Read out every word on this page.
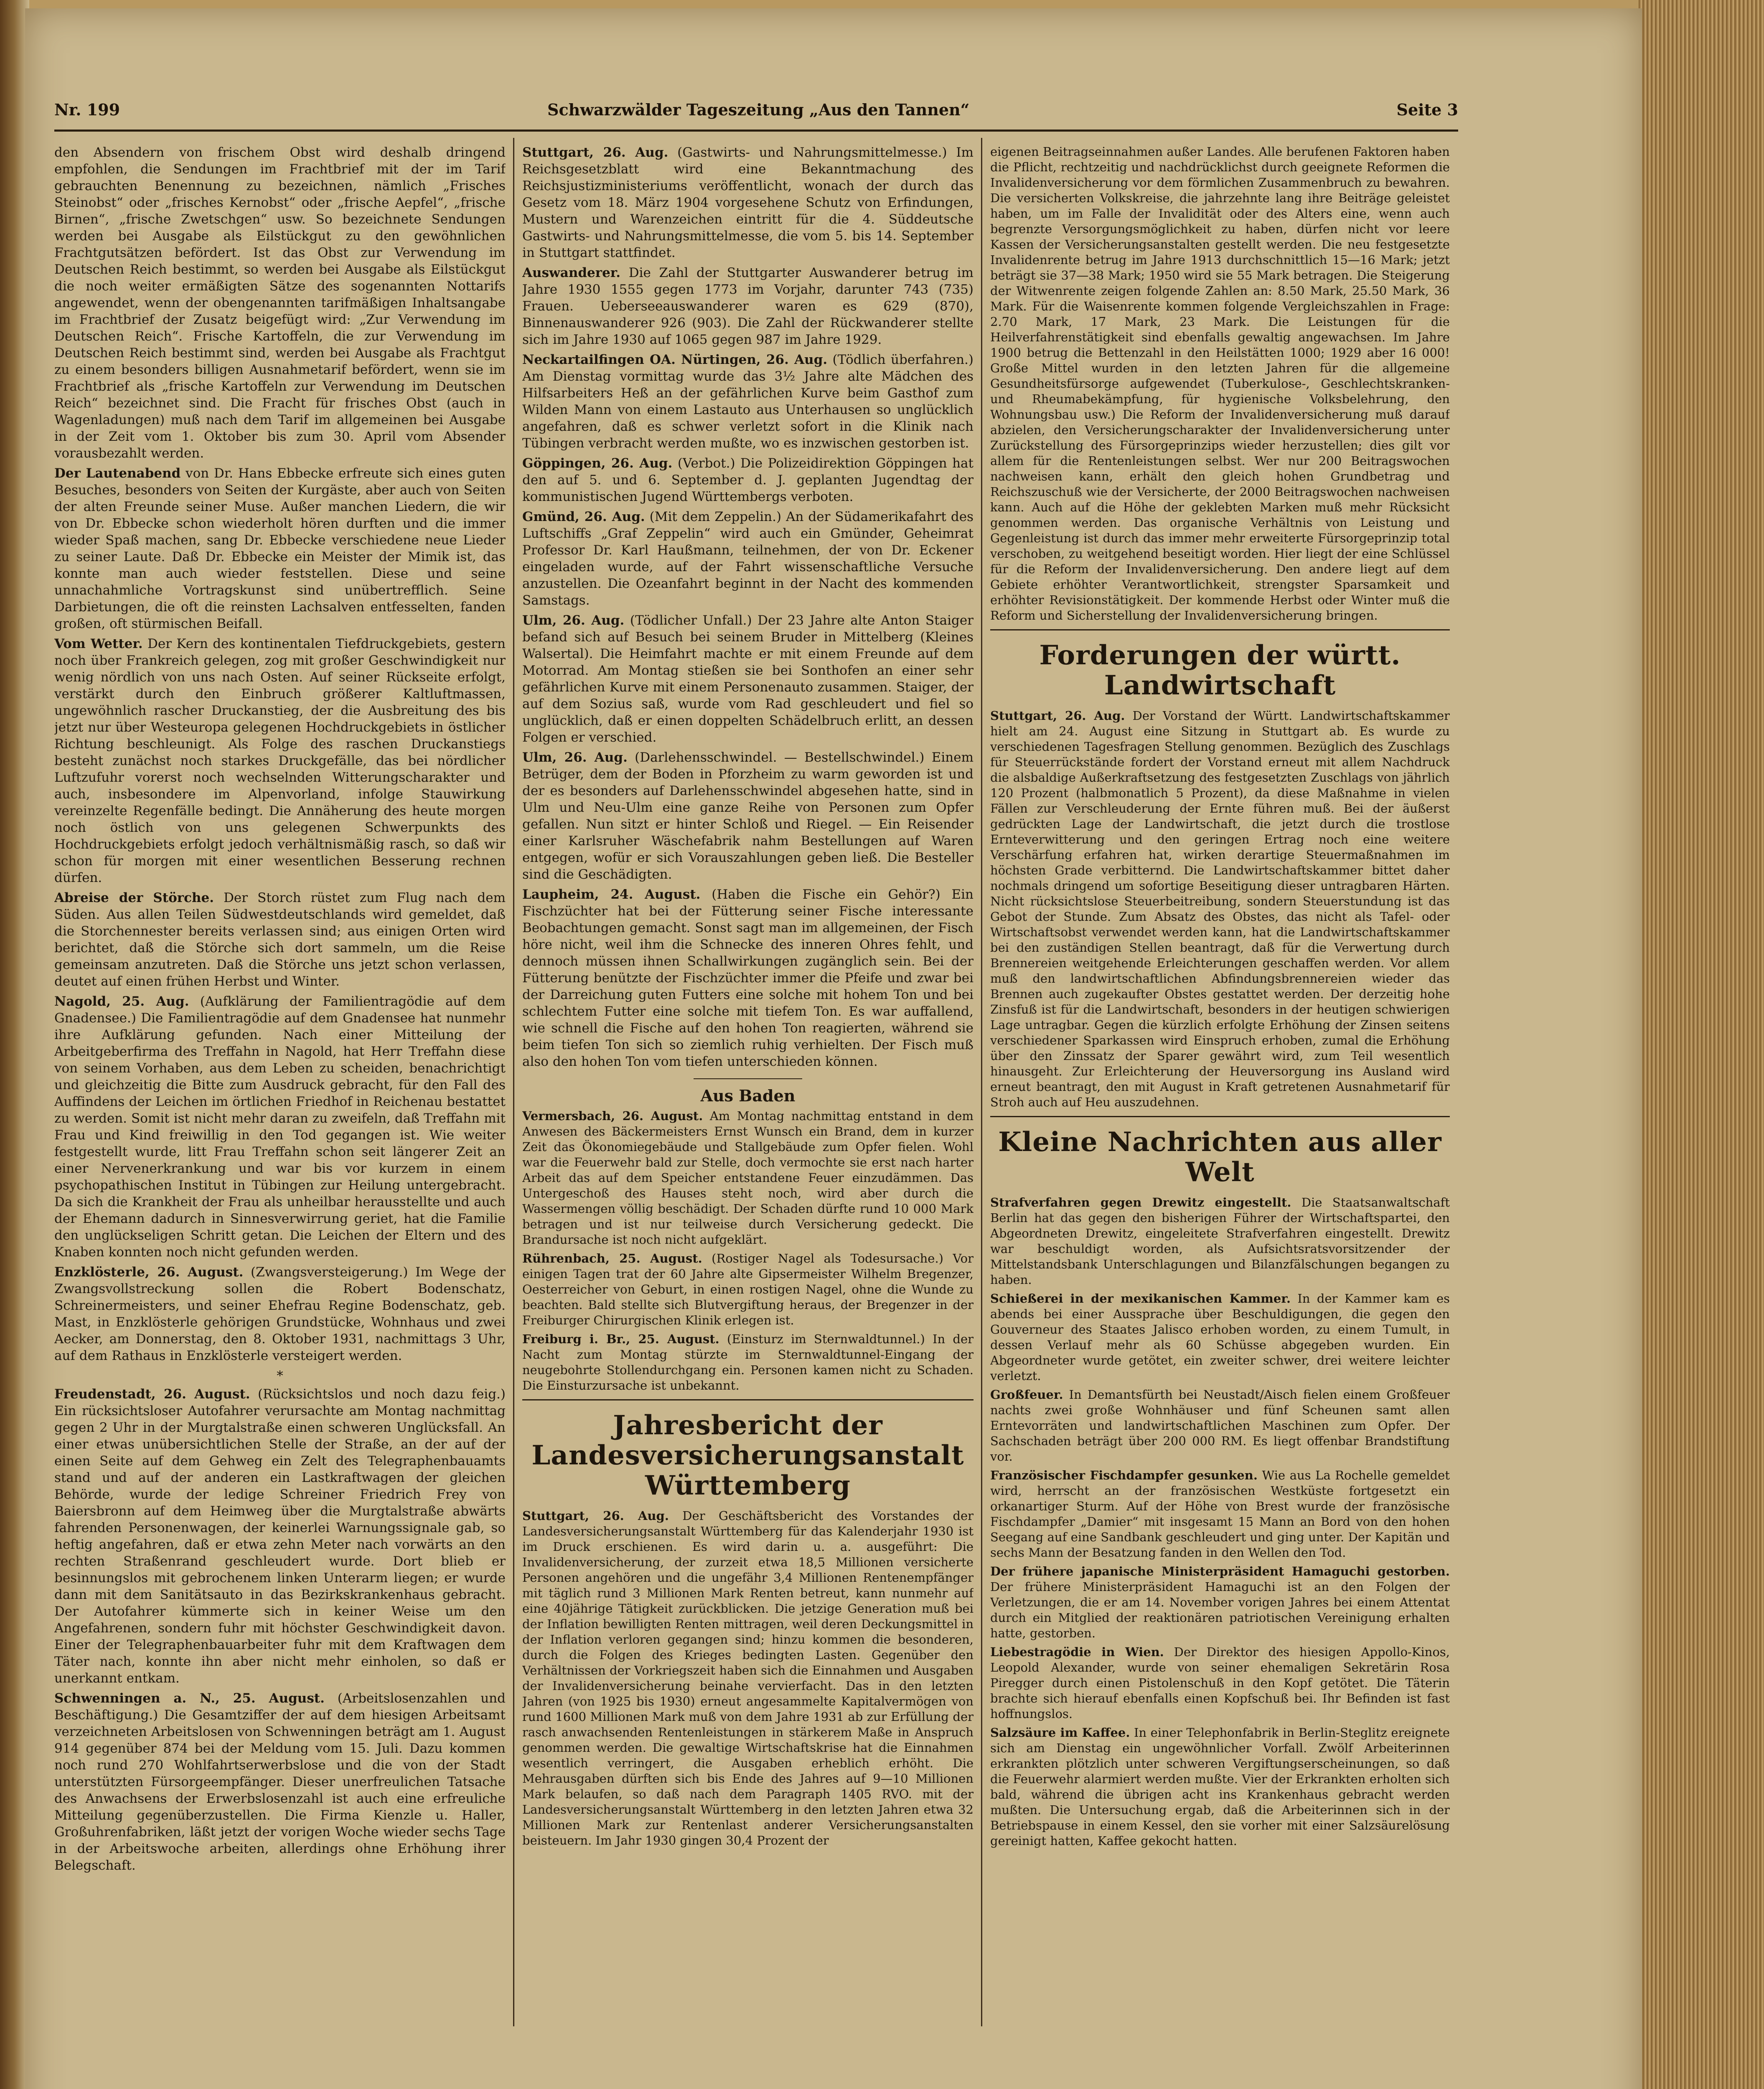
Nr. 199	Schwarzwälder Tageszeitung „Aus den Tannen“	Seite 3

den Absendern von frischem Obst wird deshalb dringend empfohlen, die Sendungen im Frachtbrief mit der im Tarif gebrauchten Benennung zu bezeichnen, nämlich „Frisches Steinobst“ oder „frisches Kernobst“ oder „frische Aepfel“, „frische Birnen“, „frische Zwetschgen“ usw. So bezeichnete Sendungen werden bei Ausgabe als Eilstückgut zu den gewöhnlichen Frachtgutsätzen befördert. Ist das Obst zur Verwendung im Deutschen Reich bestimmt, so werden bei Ausgabe als Eilstückgut die noch weiter ermäßigten Sätze des sogenannten Nottarifs angewendet, wenn der obengenannten tarifmäßigen Inhaltsangabe im Frachtbrief der Zusatz beigefügt wird: „Zur Verwendung im Deutschen Reich“. Frische Kartoffeln, die zur Verwendung im Deutschen Reich bestimmt sind, werden bei Ausgabe als Frachtgut zu einem besonders billigen Ausnahmetarif befördert, wenn sie im Frachtbrief als „frische Kartoffeln zur Verwendung im Deutschen Reich“ bezeichnet sind. Die Fracht für frisches Obst (auch in Wagenladungen) muß nach dem Tarif im allgemeinen bei Ausgabe in der Zeit vom 1. Oktober bis zum 30. April vom Absender vorausbezahlt werden.

Der Lautenabend von Dr. Hans Ebbecke erfreute sich eines guten Besuches, besonders von Seiten der Kurgäste, aber auch von Seiten der alten Freunde seiner Muse. Außer manchen Liedern, die wir von Dr. Ebbecke schon wiederholt hören durften und die immer wieder Spaß machen, sang Dr. Ebbecke verschiedene neue Lieder zu seiner Laute. Daß Dr. Ebbecke ein Meister der Mimik ist, das konnte man auch wieder feststellen. Diese und seine unnachahmliche Vortragskunst sind unübertrefflich. Seine Darbietungen, die oft die reinsten Lachsalven entfesselten, fanden großen, oft stürmischen Beifall.

Vom Wetter. Der Kern des kontinentalen Tiefdruckgebiets, gestern noch über Frankreich gelegen, zog mit großer Geschwindigkeit nur wenig nördlich von uns nach Osten. Auf seiner Rückseite erfolgt, verstärkt durch den Einbruch größerer Kaltluftmassen, ungewöhnlich rascher Druckanstieg, der die Ausbreitung des bis jetzt nur über Westeuropa gelegenen Hochdruckgebiets in östlicher Richtung beschleunigt. Als Folge des raschen Druckanstiegs besteht zunächst noch starkes Druckgefälle, das bei nördlicher Luftzufuhr vorerst noch wechselnden Witterungscharakter und auch, insbesondere im Alpenvorland, infolge Stauwirkung vereinzelte Regenfälle bedingt. Die Annäherung des heute morgen noch östlich von uns gelegenen Schwerpunkts des Hochdruckgebiets erfolgt jedoch verhältnismäßig rasch, so daß wir schon für morgen mit einer wesentlichen Besserung rechnen dürfen.

Abreise der Störche. Der Storch rüstet zum Flug nach dem Süden. Aus allen Teilen Südwestdeutschlands wird gemeldet, daß die Storchennester bereits verlassen sind; aus einigen Orten wird berichtet, daß die Störche sich dort sammeln, um die Reise gemeinsam anzutreten. Daß die Störche uns jetzt schon verlassen, deutet auf einen frühen Herbst und Winter.

Nagold, 25. Aug. (Aufklärung der Familientragödie auf dem Gnadensee.) Die Familientragödie auf dem Gnadensee hat nunmehr ihre Aufklärung gefunden. Nach einer Mitteilung der Arbeitgeberfirma des Treffahn in Nagold, hat Herr Treffahn diese von seinem Vorhaben, aus dem Leben zu scheiden, benachrichtigt und gleichzeitig die Bitte zum Ausdruck gebracht, für den Fall des Auffindens der Leichen im örtlichen Friedhof in Reichenau bestattet zu werden. Somit ist nicht mehr daran zu zweifeln, daß Treffahn mit Frau und Kind freiwillig in den Tod gegangen ist. Wie weiter festgestellt wurde, litt Frau Treffahn schon seit längerer Zeit an einer Nervenerkrankung und war bis vor kurzem in einem psychopathischen Institut in Tübingen zur Heilung untergebracht. Da sich die Krankheit der Frau als unheilbar herausstellte und auch der Ehemann dadurch in Sinnesverwirrung geriet, hat die Familie den unglückseligen Schritt getan. Die Leichen der Eltern und des Knaben konnten noch nicht gefunden werden.

Enzklösterle, 26. August. (Zwangsversteigerung.) Im Wege der Zwangsvollstreckung sollen die Robert Bodenschatz, Schreinermeisters, und seiner Ehefrau Regine Bodenschatz, geb. Mast, in Enzklösterle gehörigen Grundstücke, Wohnhaus und zwei Aecker, am Donnerstag, den 8. Oktober 1931, nachmittags 3 Uhr, auf dem Rathaus in Enzklösterle versteigert werden.

*

Freudenstadt, 26. August. (Rücksichtslos und noch dazu feig.) Ein rücksichtsloser Autofahrer verursachte am Montag nachmittag gegen 2 Uhr in der Murgtalstraße einen schweren Unglücksfall. An einer etwas unübersichtlichen Stelle der Straße, an der auf der einen Seite auf dem Gehweg ein Zelt des Telegraphenbauamts stand und auf der anderen ein Lastkraftwagen der gleichen Behörde, wurde der ledige Schreiner Friedrich Frey von Baiersbronn auf dem Heimweg über die Murgtalstraße abwärts fahrenden Personenwagen, der keinerlei Warnungssignale gab, so heftig angefahren, daß er etwa zehn Meter nach vorwärts an den rechten Straßenrand geschleudert wurde. Dort blieb er besinnungslos mit gebrochenem linken Unterarm liegen; er wurde dann mit dem Sanitätsauto in das Bezirkskrankenhaus gebracht. Der Autofahrer kümmerte sich in keiner Weise um den Angefahrenen, sondern fuhr mit höchster Geschwindigkeit davon. Einer der Telegraphenbauarbeiter fuhr mit dem Kraftwagen dem Täter nach, konnte ihn aber nicht mehr einholen, so daß er unerkannt entkam.

Schwenningen a. N., 25. August. (Arbeitslosenzahlen und Beschäftigung.) Die Gesamtziffer der auf dem hiesigen Arbeitsamt verzeichneten Arbeitslosen von Schwenningen beträgt am 1. August 914 gegenüber 874 bei der Meldung vom 15. Juli. Dazu kommen noch rund 270 Wohlfahrtserwerbslose und die von der Stadt unterstützten Fürsorgeempfänger. Dieser unerfreulichen Tatsache des Anwachsens der Erwerbslosenzahl ist auch eine erfreuliche Mitteilung gegenüberzustellen. Die Firma Kienzle u. Haller, Großuhrenfabriken, läßt jetzt der vorigen Woche wieder sechs Tage in der Arbeitswoche arbeiten, allerdings ohne Erhöhung ihrer Belegschaft.

Stuttgart, 26. Aug. (Gastwirts- und Nahrungsmittelmesse.) Im Reichsgesetzblatt wird eine Bekanntmachung des Reichsjustizministeriums veröffentlicht, wonach der durch das Gesetz vom 18. März 1904 vorgesehene Schutz von Erfindungen, Mustern und Warenzeichen eintritt für die 4. Süddeutsche Gastwirts- und Nahrungsmittelmesse, die vom 5. bis 14. September in Stuttgart stattfindet.

Auswanderer. Die Zahl der Stuttgarter Auswanderer betrug im Jahre 1930 1555 gegen 1773 im Vorjahr, darunter 743 (735) Frauen. Ueberseeauswanderer waren es 629 (870), Binnenauswanderer 926 (903). Die Zahl der Rückwanderer stellte sich im Jahre 1930 auf 1065 gegen 987 im Jahre 1929.

Neckartailfingen OA. Nürtingen, 26. Aug. (Tödlich überfahren.) Am Dienstag vormittag wurde das 3½ Jahre alte Mädchen des Hilfsarbeiters Heß an der gefährlichen Kurve beim Gasthof zum Wilden Mann von einem Lastauto aus Unterhausen so unglücklich angefahren, daß es schwer verletzt sofort in die Klinik nach Tübingen verbracht werden mußte, wo es inzwischen gestorben ist.

Göppingen, 26. Aug. (Verbot.) Die Polizeidirektion Göppingen hat den auf 5. und 6. September d. J. geplanten Jugendtag der kommunistischen Jugend Württembergs verboten.

Gmünd, 26. Aug. (Mit dem Zeppelin.) An der Südamerikafahrt des Luftschiffs „Graf Zeppelin“ wird auch ein Gmünder, Geheimrat Professor Dr. Karl Haußmann, teilnehmen, der von Dr. Eckener eingeladen wurde, auf der Fahrt wissenschaftliche Versuche anzustellen. Die Ozeanfahrt beginnt in der Nacht des kommenden Samstags.

Ulm, 26. Aug. (Tödlicher Unfall.) Der 23 Jahre alte Anton Staiger befand sich auf Besuch bei seinem Bruder in Mittelberg (Kleines Walsertal). Die Heimfahrt machte er mit einem Freunde auf dem Motorrad. Am Montag stießen sie bei Sonthofen an einer sehr gefährlichen Kurve mit einem Personenauto zusammen. Staiger, der auf dem Sozius saß, wurde vom Rad geschleudert und fiel so unglücklich, daß er einen doppelten Schädelbruch erlitt, an dessen Folgen er verschied.

Ulm, 26. Aug. (Darlehensschwindel. — Bestellschwindel.) Einem Betrüger, dem der Boden in Pforzheim zu warm geworden ist und der es besonders auf Darlehensschwindel abgesehen hatte, sind in Ulm und Neu-Ulm eine ganze Reihe von Personen zum Opfer gefallen. Nun sitzt er hinter Schloß und Riegel. — Ein Reisender einer Karlsruher Wäschefabrik nahm Bestellungen auf Waren entgegen, wofür er sich Vorauszahlungen geben ließ. Die Besteller sind die Geschädigten.

Laupheim, 24. August. (Haben die Fische ein Gehör?) Ein Fischzüchter hat bei der Fütterung seiner Fische interessante Beobachtungen gemacht. Sonst sagt man im allgemeinen, der Fisch höre nicht, weil ihm die Schnecke des inneren Ohres fehlt, und dennoch müssen ihnen Schallwirkungen zugänglich sein. Bei der Fütterung benützte der Fischzüchter immer die Pfeife und zwar bei der Darreichung guten Futters eine solche mit hohem Ton und bei schlechtem Futter eine solche mit tiefem Ton. Es war auffallend, wie schnell die Fische auf den hohen Ton reagierten, während sie beim tiefen Ton sich so ziemlich ruhig verhielten. Der Fisch muß also den hohen Ton vom tiefen unterschieden können.

Aus Baden

Vermersbach, 26. August. Am Montag nachmittag entstand in dem Anwesen des Bäckermeisters Ernst Wunsch ein Brand, dem in kurzer Zeit das Ökonomiegebäude und Stallgebäude zum Opfer fielen. Wohl war die Feuerwehr bald zur Stelle, doch vermochte sie erst nach harter Arbeit das auf dem Speicher entstandene Feuer einzudämmen. Das Untergeschoß des Hauses steht noch, wird aber durch die Wassermengen völlig beschädigt. Der Schaden dürfte rund 10 000 Mark betragen und ist nur teilweise durch Versicherung gedeckt. Die Brandursache ist noch nicht aufgeklärt.

Rührenbach, 25. August. (Rostiger Nagel als Todesursache.) Vor einigen Tagen trat der 60 Jahre alte Gipsermeister Wilhelm Bregenzer, Oesterreicher von Geburt, in einen rostigen Nagel, ohne die Wunde zu beachten. Bald stellte sich Blutvergiftung heraus, der Bregenzer in der Freiburger Chirurgischen Klinik erlegen ist.

Freiburg i. Br., 25. August. (Einsturz im Sternwaldtunnel.) In der Nacht zum Montag stürzte im Sternwaldtunnel-Eingang der neugebohrte Stollendurchgang ein. Personen kamen nicht zu Schaden. Die Einsturzursache ist unbekannt.

Jahresbericht der Landesversicherungsanstalt Württemberg

Stuttgart, 26. Aug. Der Geschäftsbericht des Vorstandes der Landesversicherungsanstalt Württemberg für das Kalenderjahr 1930 ist im Druck erschienen. Es wird darin u. a. ausgeführt: Die Invalidenversicherung, der zurzeit etwa 18,5 Millionen versicherte Personen angehören und die ungefähr 3,4 Millionen Rentenempfänger mit täglich rund 3 Millionen Mark Renten betreut, kann nunmehr auf eine 40jährige Tätigkeit zurückblicken. Die jetzige Generation muß bei der Inflation bewilligten Renten mittragen, weil deren Deckungsmittel in der Inflation verloren gegangen sind; hinzu kommen die besonderen, durch die Folgen des Krieges bedingten Lasten. Gegenüber den Verhältnissen der Vorkriegszeit haben sich die Einnahmen und Ausgaben der Invalidenversicherung beinahe vervierfacht. Das in den letzten Jahren (von 1925 bis 1930) erneut angesammelte Kapitalvermögen von rund 1600 Millionen Mark muß von dem Jahre 1931 ab zur Erfüllung der rasch anwachsenden Rentenleistungen in stärkerem Maße in Anspruch genommen werden. Die gewaltige Wirtschaftskrise hat die Einnahmen wesentlich verringert, die Ausgaben erheblich erhöht. Die Mehrausgaben dürften sich bis Ende des Jahres auf 9—10 Millionen Mark belaufen, so daß nach dem Paragraph 1405 RVO. mit der Landesversicherungsanstalt Württemberg in den letzten Jahren etwa 32 Millionen Mark zur Rentenlast anderer Versicherungsanstalten beisteuern. Im Jahr 1930 gingen 30,4 Prozent der

eigenen Beitragseinnahmen außer Landes. Alle berufenen Faktoren haben die Pflicht, rechtzeitig und nachdrücklichst durch geeignete Reformen die Invalidenversicherung vor dem förmlichen Zusammenbruch zu bewahren. Die versicherten Volkskreise, die jahrzehnte lang ihre Beiträge geleistet haben, um im Falle der Invalidität oder des Alters eine, wenn auch begrenzte Versorgungsmöglichkeit zu haben, dürfen nicht vor leere Kassen der Versicherungsanstalten gestellt werden. Die neu festgesetzte Invalidenrente betrug im Jahre 1913 durchschnittlich 15—16 Mark; jetzt beträgt sie 37—38 Mark; 1950 wird sie 55 Mark betragen. Die Steigerung der Witwenrente zeigen folgende Zahlen an: 8.50 Mark, 25.50 Mark, 36 Mark. Für die Waisenrente kommen folgende Vergleichszahlen in Frage: 2.70 Mark, 17 Mark, 23 Mark. Die Leistungen für die Heilverfahrenstätigkeit sind ebenfalls gewaltig angewachsen. Im Jahre 1900 betrug die Bettenzahl in den Heilstätten 1000; 1929 aber 16 000! Große Mittel wurden in den letzten Jahren für die allgemeine Gesundheitsfürsorge aufgewendet (Tuberkulose-, Geschlechtskranken- und Rheumabekämpfung, für hygienische Volksbelehrung, den Wohnungsbau usw.) Die Reform der Invalidenversicherung muß darauf abzielen, den Versicherungscharakter der Invalidenversicherung unter Zurückstellung des Fürsorgeprinzips wieder herzustellen; dies gilt vor allem für die Rentenleistungen selbst. Wer nur 200 Beitragswochen nachweisen kann, erhält den gleich hohen Grundbetrag und Reichszuschuß wie der Versicherte, der 2000 Beitragswochen nachweisen kann. Auch auf die Höhe der geklebten Marken muß mehr Rücksicht genommen werden. Das organische Verhältnis von Leistung und Gegenleistung ist durch das immer mehr erweiterte Fürsorgeprinzip total verschoben, zu weitgehend beseitigt worden. Hier liegt der eine Schlüssel für die Reform der Invalidenversicherung. Den andere liegt auf dem Gebiete erhöhter Verantwortlichkeit, strengster Sparsamkeit und erhöhter Revisionstätigkeit. Der kommende Herbst oder Winter muß die Reform und Sicherstellung der Invalidenversicherung bringen.

Forderungen der württ. Landwirtschaft

Stuttgart, 26. Aug. Der Vorstand der Württ. Landwirtschaftskammer hielt am 24. August eine Sitzung in Stuttgart ab. Es wurde zu verschiedenen Tagesfragen Stellung genommen. Bezüglich des Zuschlags für Steuerrückstände fordert der Vorstand erneut mit allem Nachdruck die alsbaldige Außerkraftsetzung des festgesetzten Zuschlags von jährlich 120 Prozent (halbmonatlich 5 Prozent), da diese Maßnahme in vielen Fällen zur Verschleuderung der Ernte führen muß. Bei der äußerst gedrückten Lage der Landwirtschaft, die jetzt durch die trostlose Ernteverwitterung und den geringen Ertrag noch eine weitere Verschärfung erfahren hat, wirken derartige Steuermaßnahmen im höchsten Grade verbitternd. Die Landwirtschaftskammer bittet daher nochmals dringend um sofortige Beseitigung dieser untragbaren Härten. Nicht rücksichtslose Steuerbeitreibung, sondern Steuerstundung ist das Gebot der Stunde. Zum Absatz des Obstes, das nicht als Tafel- oder Wirtschaftsobst verwendet werden kann, hat die Landwirtschaftskammer bei den zuständigen Stellen beantragt, daß für die Verwertung durch Brennereien weitgehende Erleichterungen geschaffen werden. Vor allem muß den landwirtschaftlichen Abfindungsbrennereien wieder das Brennen auch zugekaufter Obstes gestattet werden. Der derzeitig hohe Zinsfuß ist für die Landwirtschaft, besonders in der heutigen schwierigen Lage untragbar. Gegen die kürzlich erfolgte Erhöhung der Zinsen seitens verschiedener Sparkassen wird Einspruch erhoben, zumal die Erhöhung über den Zinssatz der Sparer gewährt wird, zum Teil wesentlich hinausgeht. Zur Erleichterung der Heuversorgung ins Ausland wird erneut beantragt, den mit August in Kraft getretenen Ausnahmetarif für Stroh auch auf Heu auszudehnen.

Kleine Nachrichten aus aller Welt

Strafverfahren gegen Drewitz eingestellt. Die Staatsanwaltschaft Berlin hat das gegen den bisherigen Führer der Wirtschaftspartei, den Abgeordneten Drewitz, eingeleitete Strafverfahren eingestellt. Drewitz war beschuldigt worden, als Aufsichtsratsvorsitzender der Mittelstandsbank Unterschlagungen und Bilanzfälschungen begangen zu haben.

Schießerei in der mexikanischen Kammer. In der Kammer kam es abends bei einer Aussprache über Beschuldigungen, die gegen den Gouverneur des Staates Jalisco erhoben worden, zu einem Tumult, in dessen Verlauf mehr als 60 Schüsse abgegeben wurden. Ein Abgeordneter wurde getötet, ein zweiter schwer, drei weitere leichter verletzt.

Großfeuer. In Demantsfürth bei Neustadt/Aisch fielen einem Großfeuer nachts zwei große Wohnhäuser und fünf Scheunen samt allen Erntevorräten und landwirtschaftlichen Maschinen zum Opfer. Der Sachschaden beträgt über 200 000 RM. Es liegt offenbar Brandstiftung vor.

Französischer Fischdampfer gesunken. Wie aus La Rochelle gemeldet wird, herrscht an der französischen Westküste fortgesetzt ein orkanartiger Sturm. Auf der Höhe von Brest wurde der französische Fischdampfer „Damier“ mit insgesamt 15 Mann an Bord von den hohen Seegang auf eine Sandbank geschleudert und ging unter. Der Kapitän und sechs Mann der Besatzung fanden in den Wellen den Tod.

Der frühere japanische Ministerpräsident Hamaguchi gestorben. Der frühere Ministerpräsident Hamaguchi ist an den Folgen der Verletzungen, die er am 14. November vorigen Jahres bei einem Attentat durch ein Mitglied der reaktionären patriotischen Vereinigung erhalten hatte, gestorben.

Liebestragödie in Wien. Der Direktor des hiesigen Appollo-Kinos, Leopold Alexander, wurde von seiner ehemaligen Sekretärin Rosa Piregger durch einen Pistolenschuß in den Kopf getötet. Die Täterin brachte sich hierauf ebenfalls einen Kopfschuß bei. Ihr Befinden ist fast hoffnungslos.

Salzsäure im Kaffee. In einer Telephonfabrik in Berlin-Steglitz ereignete sich am Dienstag ein ungewöhnlicher Vorfall. Zwölf Arbeiterinnen erkrankten plötzlich unter schweren Vergiftungserscheinungen, so daß die Feuerwehr alarmiert werden mußte. Vier der Erkrankten erholten sich bald, während die übrigen acht ins Krankenhaus gebracht werden mußten. Die Untersuchung ergab, daß die Arbeiterinnen sich in der Betriebspause in einem Kessel, den sie vorher mit einer Salzsäurelösung gereinigt hatten, Kaffee gekocht hatten.
